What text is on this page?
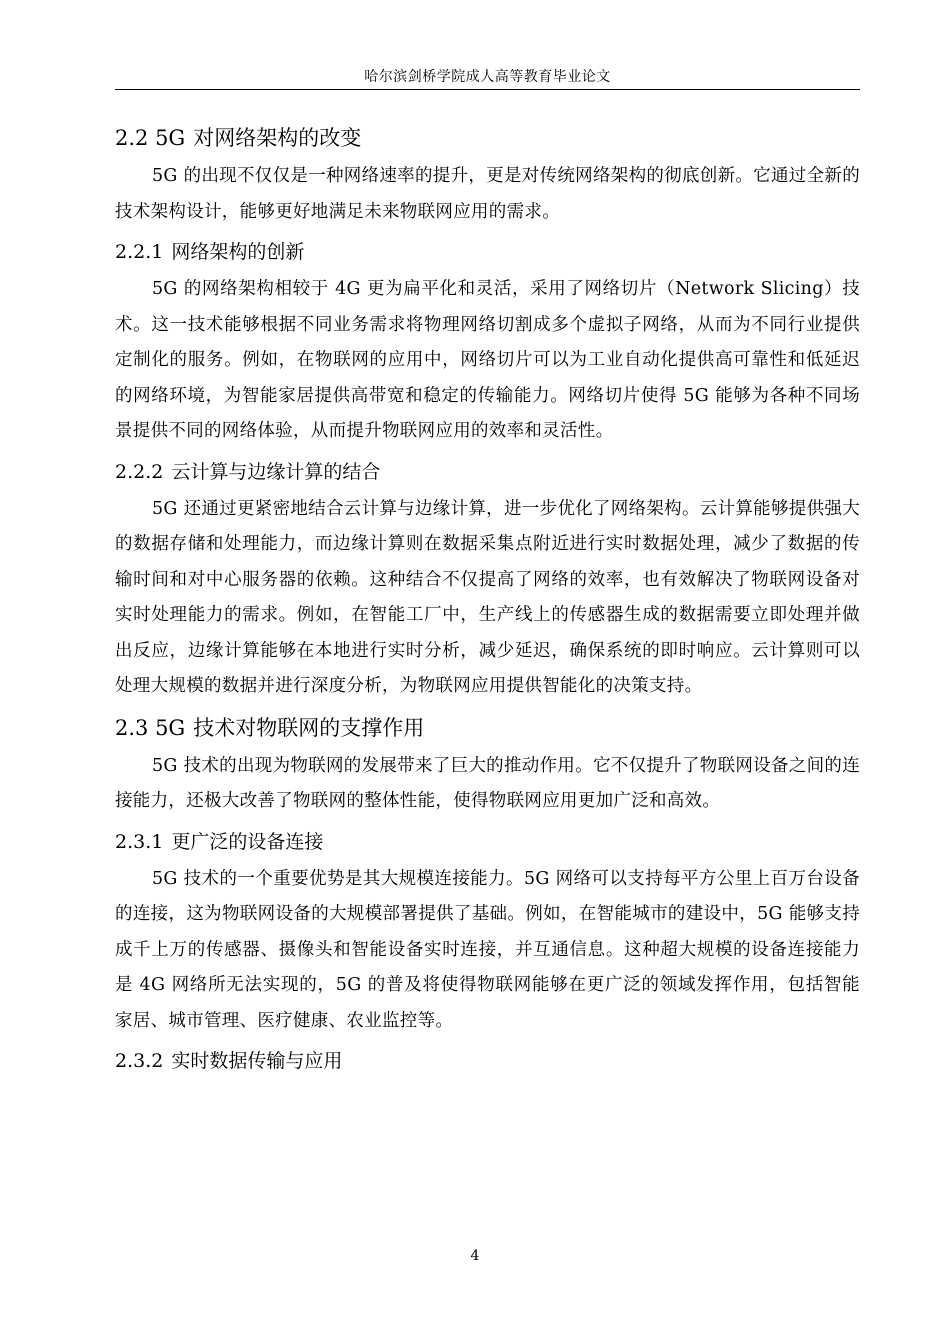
哈尔滨剑桥学院成人高等教育毕业论文
2.2 5G 对网络架构的改变

5G 的出现不仅仅是一种网络速率的提升，更是对传统网络架构的彻底创新。它通过全新的技术架构设计，能够更好地满足未来物联网应用的需求。

2.2.1 网络架构的创新

5G 的网络架构相较于 4G 更为扁平化和灵活，采用了网络切片（Network Slicing）技术。这一技术能够根据不同业务需求将物理网络切割成多个虚拟子网络，从而为不同行业提供定制化的服务。例如，在物联网的应用中，网络切片可以为工业自动化提供高可靠性和低延迟的网络环境，为智能家居提供高带宽和稳定的传输能力。网络切片使得 5G 能够为各种不同场景提供不同的网络体验，从而提升物联网应用的效率和灵活性。

2.2.2 云计算与边缘计算的结合

5G 还通过更紧密地结合云计算与边缘计算，进一步优化了网络架构。云计算能够提供强大的数据存储和处理能力，而边缘计算则在数据采集点附近进行实时数据处理，减少了数据的传输时间和对中心服务器的依赖。这种结合不仅提高了网络的效率，也有效解决了物联网设备对实时处理能力的需求。例如，在智能工厂中，生产线上的传感器生成的数据需要立即处理并做出反应，边缘计算能够在本地进行实时分析，减少延迟，确保系统的即时响应。云计算则可以处理大规模的数据并进行深度分析，为物联网应用提供智能化的决策支持。

2.3 5G 技术对物联网的支撑作用

5G 技术的出现为物联网的发展带来了巨大的推动作用。它不仅提升了物联网设备之间的连接能力，还极大改善了物联网的整体性能，使得物联网应用更加广泛和高效。

2.3.1 更广泛的设备连接

5G 技术的一个重要优势是其大规模连接能力。5G 网络可以支持每平方公里上百万台设备的连接，这为物联网设备的大规模部署提供了基础。例如，在智能城市的建设中，5G 能够支持成千上万的传感器、摄像头和智能设备实时连接，并互通信息。这种超大规模的设备连接能力是 4G 网络所无法实现的，5G 的普及将使得物联网能够在更广泛的领域发挥作用，包括智能家居、城市管理、医疗健康、农业监控等。

2.3.2 实时数据传输与应用
4
